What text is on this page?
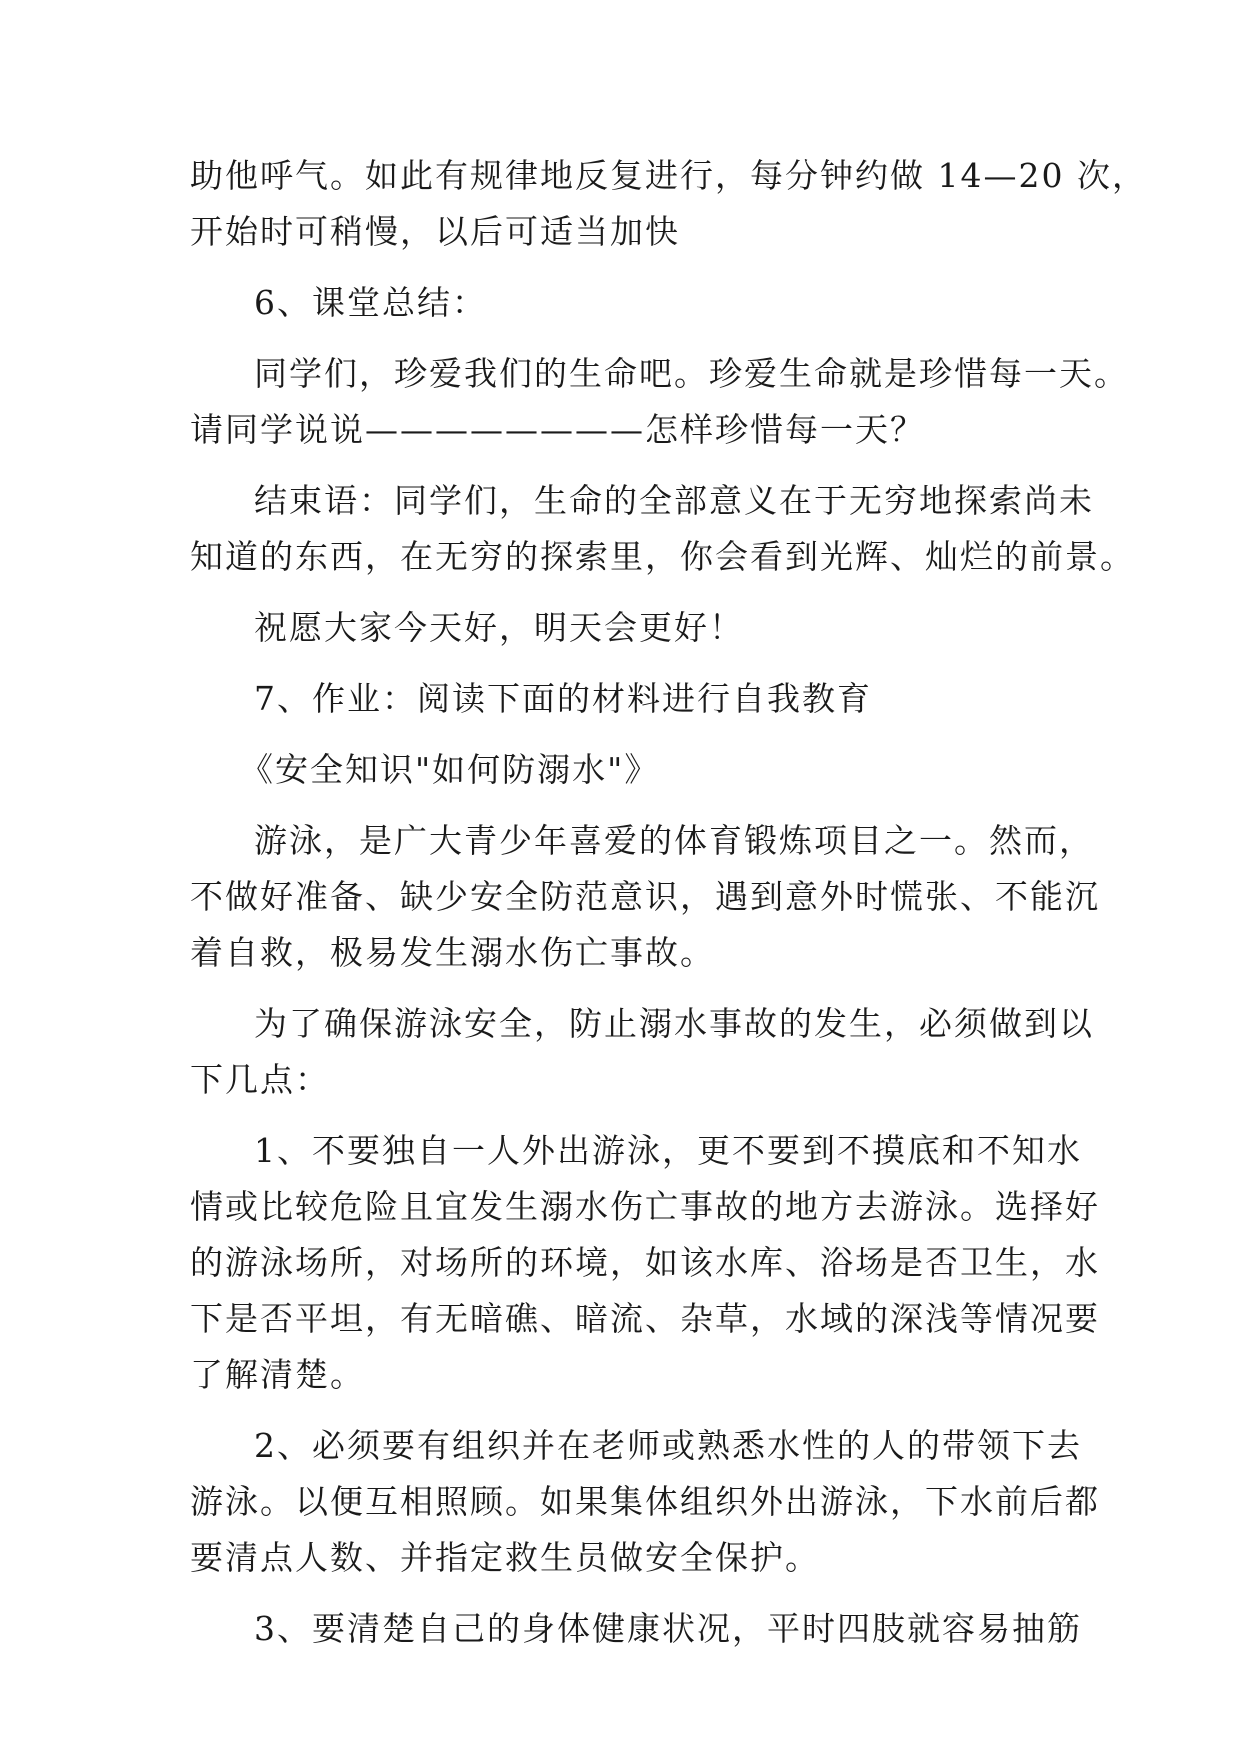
助他呼气。如此有规律地反复进行，每分钟约做 14—20 次，
开始时可稍慢，以后可适当加快
6、课堂总结：
同学们，珍爱我们的生命吧。珍爱生命就是珍惜每一天。
请同学说说————————怎样珍惜每一天？
结束语：同学们，生命的全部意义在于无穷地探索尚未
知道的东西，在无穷的探索里，你会看到光辉、灿烂的前景。
祝愿大家今天好，明天会更好！
7、作业：阅读下面的材料进行自我教育
《安全知识"如何防溺水"》
游泳，是广大青少年喜爱的体育锻炼项目之一。然而，
不做好准备、缺少安全防范意识，遇到意外时慌张、不能沉
着自救，极易发生溺水伤亡事故。
为了确保游泳安全，防止溺水事故的发生，必须做到以
下几点：
1、不要独自一人外出游泳，更不要到不摸底和不知水
情或比较危险且宜发生溺水伤亡事故的地方去游泳。选择好
的游泳场所，对场所的环境，如该水库、浴场是否卫生，水
下是否平坦，有无暗礁、暗流、杂草，水域的深浅等情况要
了解清楚。
2、必须要有组织并在老师或熟悉水性的人的带领下去
游泳。以便互相照顾。如果集体组织外出游泳，下水前后都
要清点人数、并指定救生员做安全保护。
3、要清楚自己的身体健康状况，平时四肢就容易抽筋
